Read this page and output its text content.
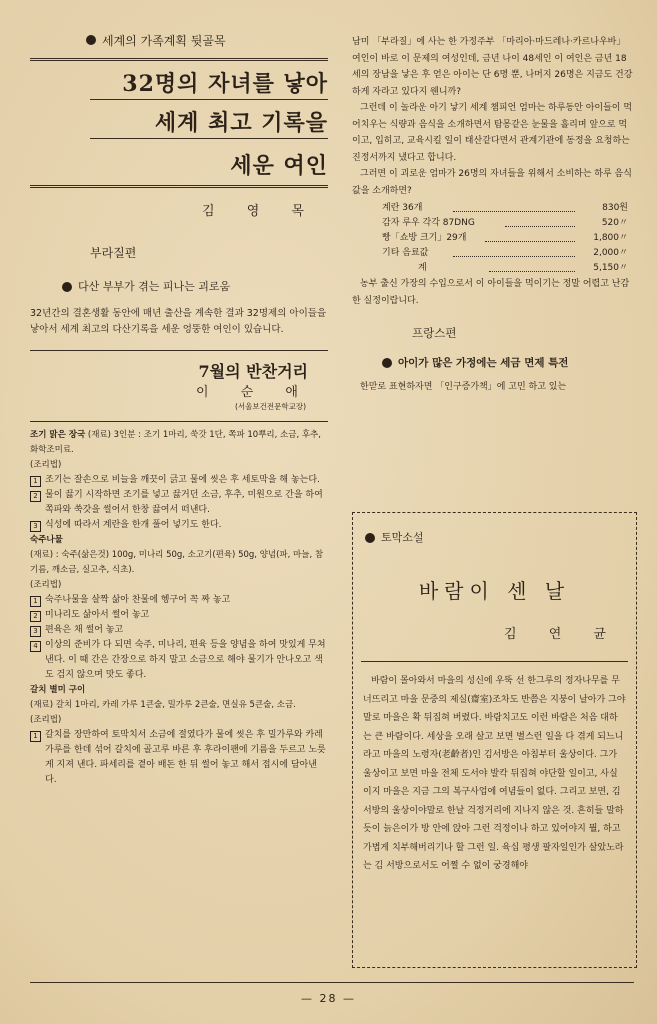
세계의 가족계획 뒷골목
32명의 자녀를 낳아
세계 최고 기록을
세운 여인
김 영 목
부라질편
다산 부부가 겪는 피나는 괴로움
32년간의 결혼생활 동안에 매년 출산을 계속한 결과 32명제의 아이들을 낳아서 세계 최고의 다산기록을 세운 엉뚱한 여인이 있습니다.
7월의 반찬거리
이 순 애
(서울보건전문학교장)
조기 맑은 장국 (재료) 3인분 : 조기 1마리, 쑥갓 1단, 쪽파 10뿌리, 소금, 후추, 화학조미료.
(조리법)
1 조기는 잘손으로 비늘을 깨끗이 긁고 물에 씻은 후 세토막을 해 놓는다.
2 물이 끓기 시작하면 조기를 넣고 끓거던 소금, 후추, 미원으로 간을 하여 쪽파와 쑥갓을 썰어서 한창 끓여서 떠낸다.
3 식성에 따라서 계란을 한개 풀어 넣기도 한다.
숙주나물
(재료) : 숙주(삶은것) 100g, 미나리 50g, 소고기(편육) 50g, 양념(파, 마늘, 참기름, 깨소금, 실고추, 식초).
(조리법)
1 숙주나물을 살짝 삶아 찬물에 헹구어 꼭 짜 놓고
2 미나리도 삶아서 썰어 놓고
3 편육은 채 썰어 놓고
4 이상의 준비가 다 되면 숙주, 미나리, 편육 등을 양념을 하여 맛있게 무쳐 낸다. 이 때 간은 간장으로 하지 말고 소금으로 해야 물기가 안나오고 색도 검지 않으며 맛도 좋다.
갈치 별미 구이
(재료) 갈치 1마리, 카레 가루 1큰술, 밀가루 2큰술, 면실유 5큰술, 소금.
(조리법)
1 갈치를 장만하여 토막치서 소금에 절였다가 물에 씻은 후 밀가루와 카레 가루를 한데 섞어 갈치에 골고루 바른 후 후라이팬에 기름을 두르고 노릇게 지져 낸다. 파세리를 곁아 배돈 한 뒤 썰어 놓고 해서 접시에 담아낸다.
남미 「부라질」에 사는 한 가정주부 「마리아·마드레나·카르나우바」여인이 바로 이 문제의 여성인데, 금년 나이 48세인 이 여인은 금년 18세의 장남을 낳은 후 얻은 아이는 단 6명 뿐, 나머지 26명은 지금도 건강하게 자라고 있다지 웬니까?
그런데 이 놀라운 아기 낳기 세계 챔피언 엄마는 하루동안 아이들이 먹어치우는 식량과 음식을 소개하면서 탐몽같은 눈물을 흘리며 앞으로 먹이고, 입히고, 교육시킬 일이 태산같다면서 관계기관에 동정을 요청하는 진정서까지 냈다고 합니다.
그러면 이 괴로운 엄마가 26명의 자녀들을 위해서 소비하는 하루 음식값을 소개하면?
계란 36개	830원
감자 루우 각각 87DNG	520〃
빵「쇼방 크기」29개	1,800〃
기타 음료값	2,000〃
계	5,150〃
농부 출신 가장의 수입으로서 이 아이들을 먹이기는 정말 어렵고 난감한 실정이랍니다.
프랑스편
아이가 많은 가정에는 세금 면제 특전
한맏로 표현하자면 「인구증가책」에 고민 하고 있는
토막소설
바람이 센 날
김 연 균
바람이 몰아와서 마을의 성신에 우뚝 선 한그루의 정자나무를 무너뜨리고 마을 문중의 제실(齋室)조차도 반쯤은 지붕이 날아가 그야말로 마을은 확 뒤집혀 버렸다. 바람치고도 이런 바람은 처음 대하는 큰 바람이다. 세상을 오래 살고 보면 별스런 일을 다 겪게 되느니라고 마을의 노령자(老齡者)인 김서방은 아침부터 울상이다. 그가 울상이고 보면 마을 전체 도서야 발칵 뒤집혀 야단할 일이고, 사실이지 마을은 지금 그의 복구사업에 여념들이 없다. 그리고 보면, 김 서방의 울상이야말로 한날 걱정거리에 지나지 않은 것. 흔히들 말하듯이 늙은이가 방 안에 앉아 그런 걱정이나 하고 있어야지 뭘, 하고 가볍게 치부해버리기나 할 그런 일. 육십 평생 팔자일인가 살았노라는 김 서방으로서도 어쩔 수 없이 궁경해야
— 28 —
